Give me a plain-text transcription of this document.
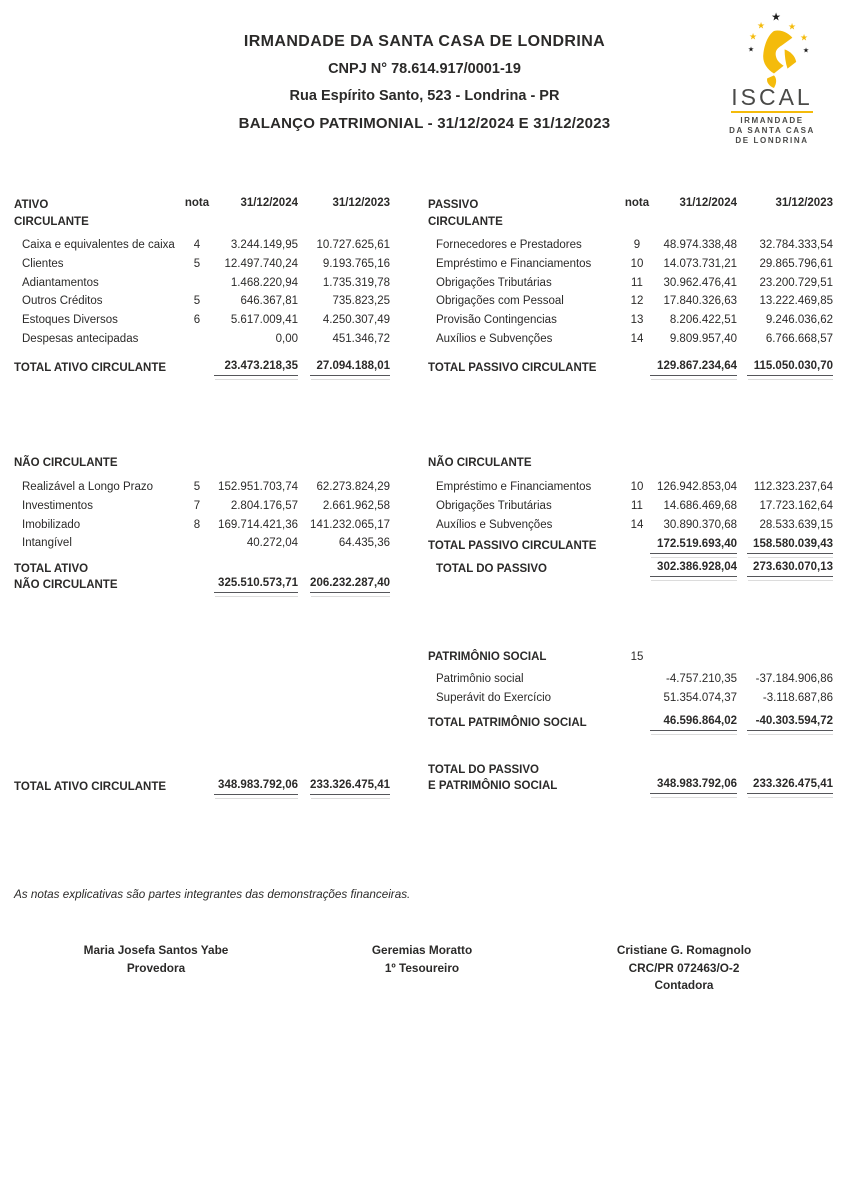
IRMANDADE DA SANTA CASA DE LONDRINA
CNPJ N° 78.614.917/0001-19
Rua Espírito Santo, 523 - Londrina - PR
BALANÇO PATRIMONIAL - 31/12/2024 E 31/12/2023
★
★	★
★	★
★	★
ISCAL
IRMANDADE
DA SANTA CASA
DE LONDRINA
ATIVO
CIRCULANTE
nota	31/12/2024	31/12/2023
Caixa e equivalentes de caixa	4	3.244.149,95	10.727.625,61
Clientes	5	12.497.740,24	9.193.765,16
Adiantamentos	1.468.220,94	1.735.319,78
Outros Créditos	5	646.367,81	735.823,25
Estoques Diversos	6	5.617.009,41	4.250.307,49
Despesas antecipadas	0,00	451.346,72
TOTAL ATIVO CIRCULANTE	23.473.218,35	27.094.188,01
PASSIVO
CIRCULANTE
nota	31/12/2024	31/12/2023
Fornecedores e Prestadores	9	48.974.338,48	32.784.333,54
Empréstimo e Financiamentos	10	14.073.731,21	29.865.796,61
Obrigações Tributárias	11	30.962.476,41	23.200.729,51
Obrigações com Pessoal	12	17.840.326,63	13.222.469,85
Provisão Contingencias	13	8.206.422,51	9.246.036,62
Auxílios e Subvenções	14	9.809.957,40	6.766.668,57
TOTAL PASSIVO CIRCULANTE	129.867.234,64	115.050.030,70
NÃO CIRCULANTE
Realizável a Longo Prazo	5	152.951.703,74	62.273.824,29
Investimentos	7	2.804.176,57	2.661.962,58
Imobilizado	8	169.714.421,36 141.232.065,17
Intangível	40.272,04	64.435,36
TOTAL ATIVO
NÃO CIRCULANTE	325.510.573,71 206.232.287,40
NÃO CIRCULANTE
Empréstimo e Financiamentos	10	126.942.853,04	112.323.237,64
Obrigações Tributárias	11	14.686.469,68	17.723.162,64
Auxílios e Subvenções	14	30.890.370,68	28.533.639,15
TOTAL PASSIVO CIRCULANTE	172.519.693,40	158.580.039,43
TOTAL DO PASSIVO	302.386.928,04	273.630.070,13
PATRIMÔNIO SOCIAL	15
Patrimônio social	-4.757.210,35	-37.184.906,86
Superávit do Exercício	51.354.074,37	-3.118.687,86
TOTAL PATRIMÔNIO SOCIAL	46.596.864,02	-40.303.594,72
TOTAL ATIVO CIRCULANTE	348.983.792,06 233.326.475,41
TOTAL DO PASSIVO
E PATRIMÔNIO SOCIAL	348.983.792,06	233.326.475,41
As notas explicativas são partes integrantes das demonstrações financeiras.
Maria Josefa Santos Yabe
Provedora
Geremias Moratto
1º Tesoureiro
Cristiane G. Romagnolo
CRC/PR 072463/O-2
Contadora
